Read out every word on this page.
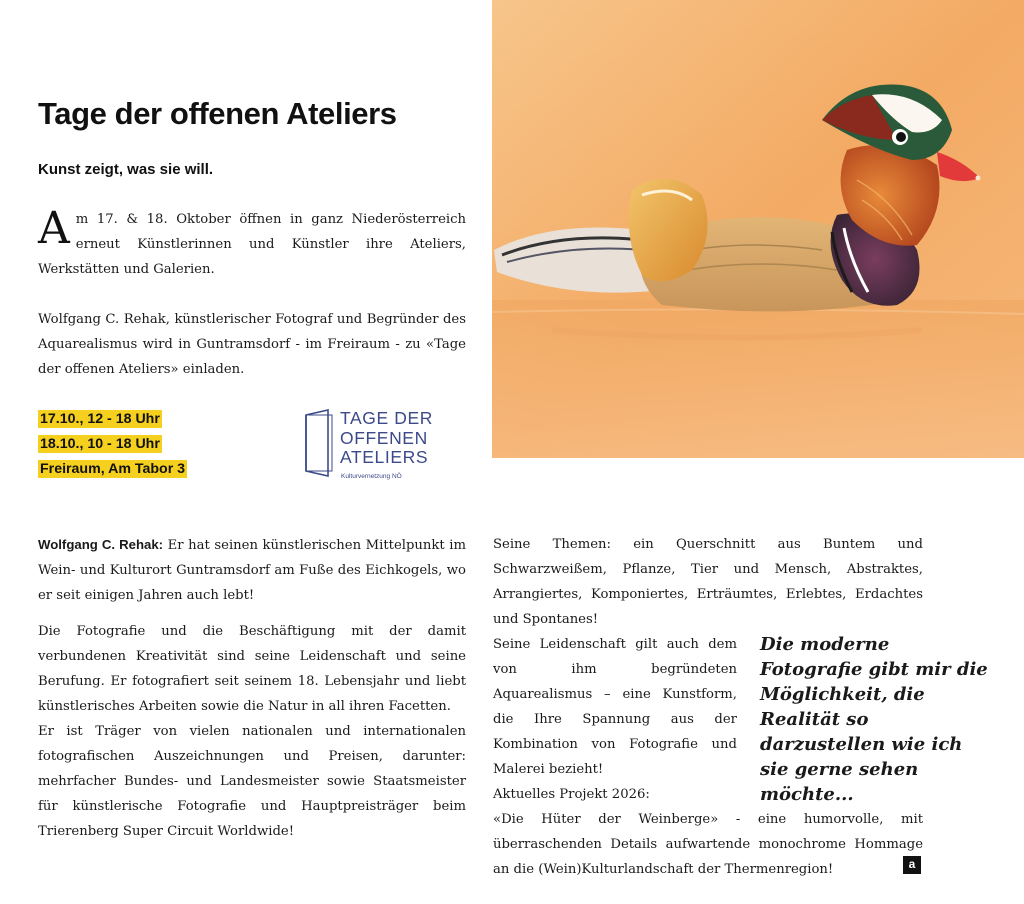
Tage der offenen Ateliers
Kunst zeigt, was sie will.
Am 17. & 18. Oktober öffnen in ganz Niederösterreich erneut Künstlerinnen und Künstler ihre Ateliers, Werkstätten und Galerien.
Wolfgang C. Rehak, künstlerischer Fotograf und Begründer des Aquarealismus wird in Guntramsdorf - im Freiraum - zu «Tage der offenen Ateliers» einladen.
17.10., 12 - 18 Uhr
18.10., 10 - 18 Uhr
Freiraum, Am Tabor 3
TAGE DER
OFFENEN
ATELIERS
Kulturvernetzung NÖ

Wolfgang C. Rehak: Er hat seinen künstlerischen Mittelpunkt im Wein- und Kulturort Guntramsdorf am Fuße des Eichkogels, wo er seit einigen Jahren auch lebt!

Die Fotografie und die Beschäftigung mit der damit verbundenen Kreativität sind seine Leidenschaft und seine Berufung. Er fotografiert seit seinem 18. Lebensjahr und liebt künstlerisches Arbeiten sowie die Natur in all ihren Facetten.

Er ist Träger von vielen nationalen und internationalen fotografischen Auszeichnungen und Preisen, darunter: mehrfacher Bundes- und Landesmeister sowie Staatsmeister für künstlerische Fotografie und Hauptpreisträger beim Trierenberg Super Circuit Worldwide!

Seine Themen: ein Querschnitt aus Buntem und Schwarzweißem, Pflanze, Tier und Mensch, Abstraktes, Arrangiertes, Komponiertes, Erträumtes, Erlebtes, Erdachtes und Spontanes!

Seine Leidenschaft gilt auch dem von ihm begründeten Aquarealismus – eine Kunstform, die Ihre Spannung aus der Kombination von Fotografie und Malerei bezieht!

Aktuelles Projekt 2026:

«Die Hüter der Weinberge» - eine humorvolle, mit überraschenden Details aufwartende monochrome Hommage an die (Wein)Kulturlandschaft der Thermenregion!

Die moderne Fotografie gibt mir die Möglichkeit, die Realität so darzustellen wie ich sie gerne sehen möchte...
a
